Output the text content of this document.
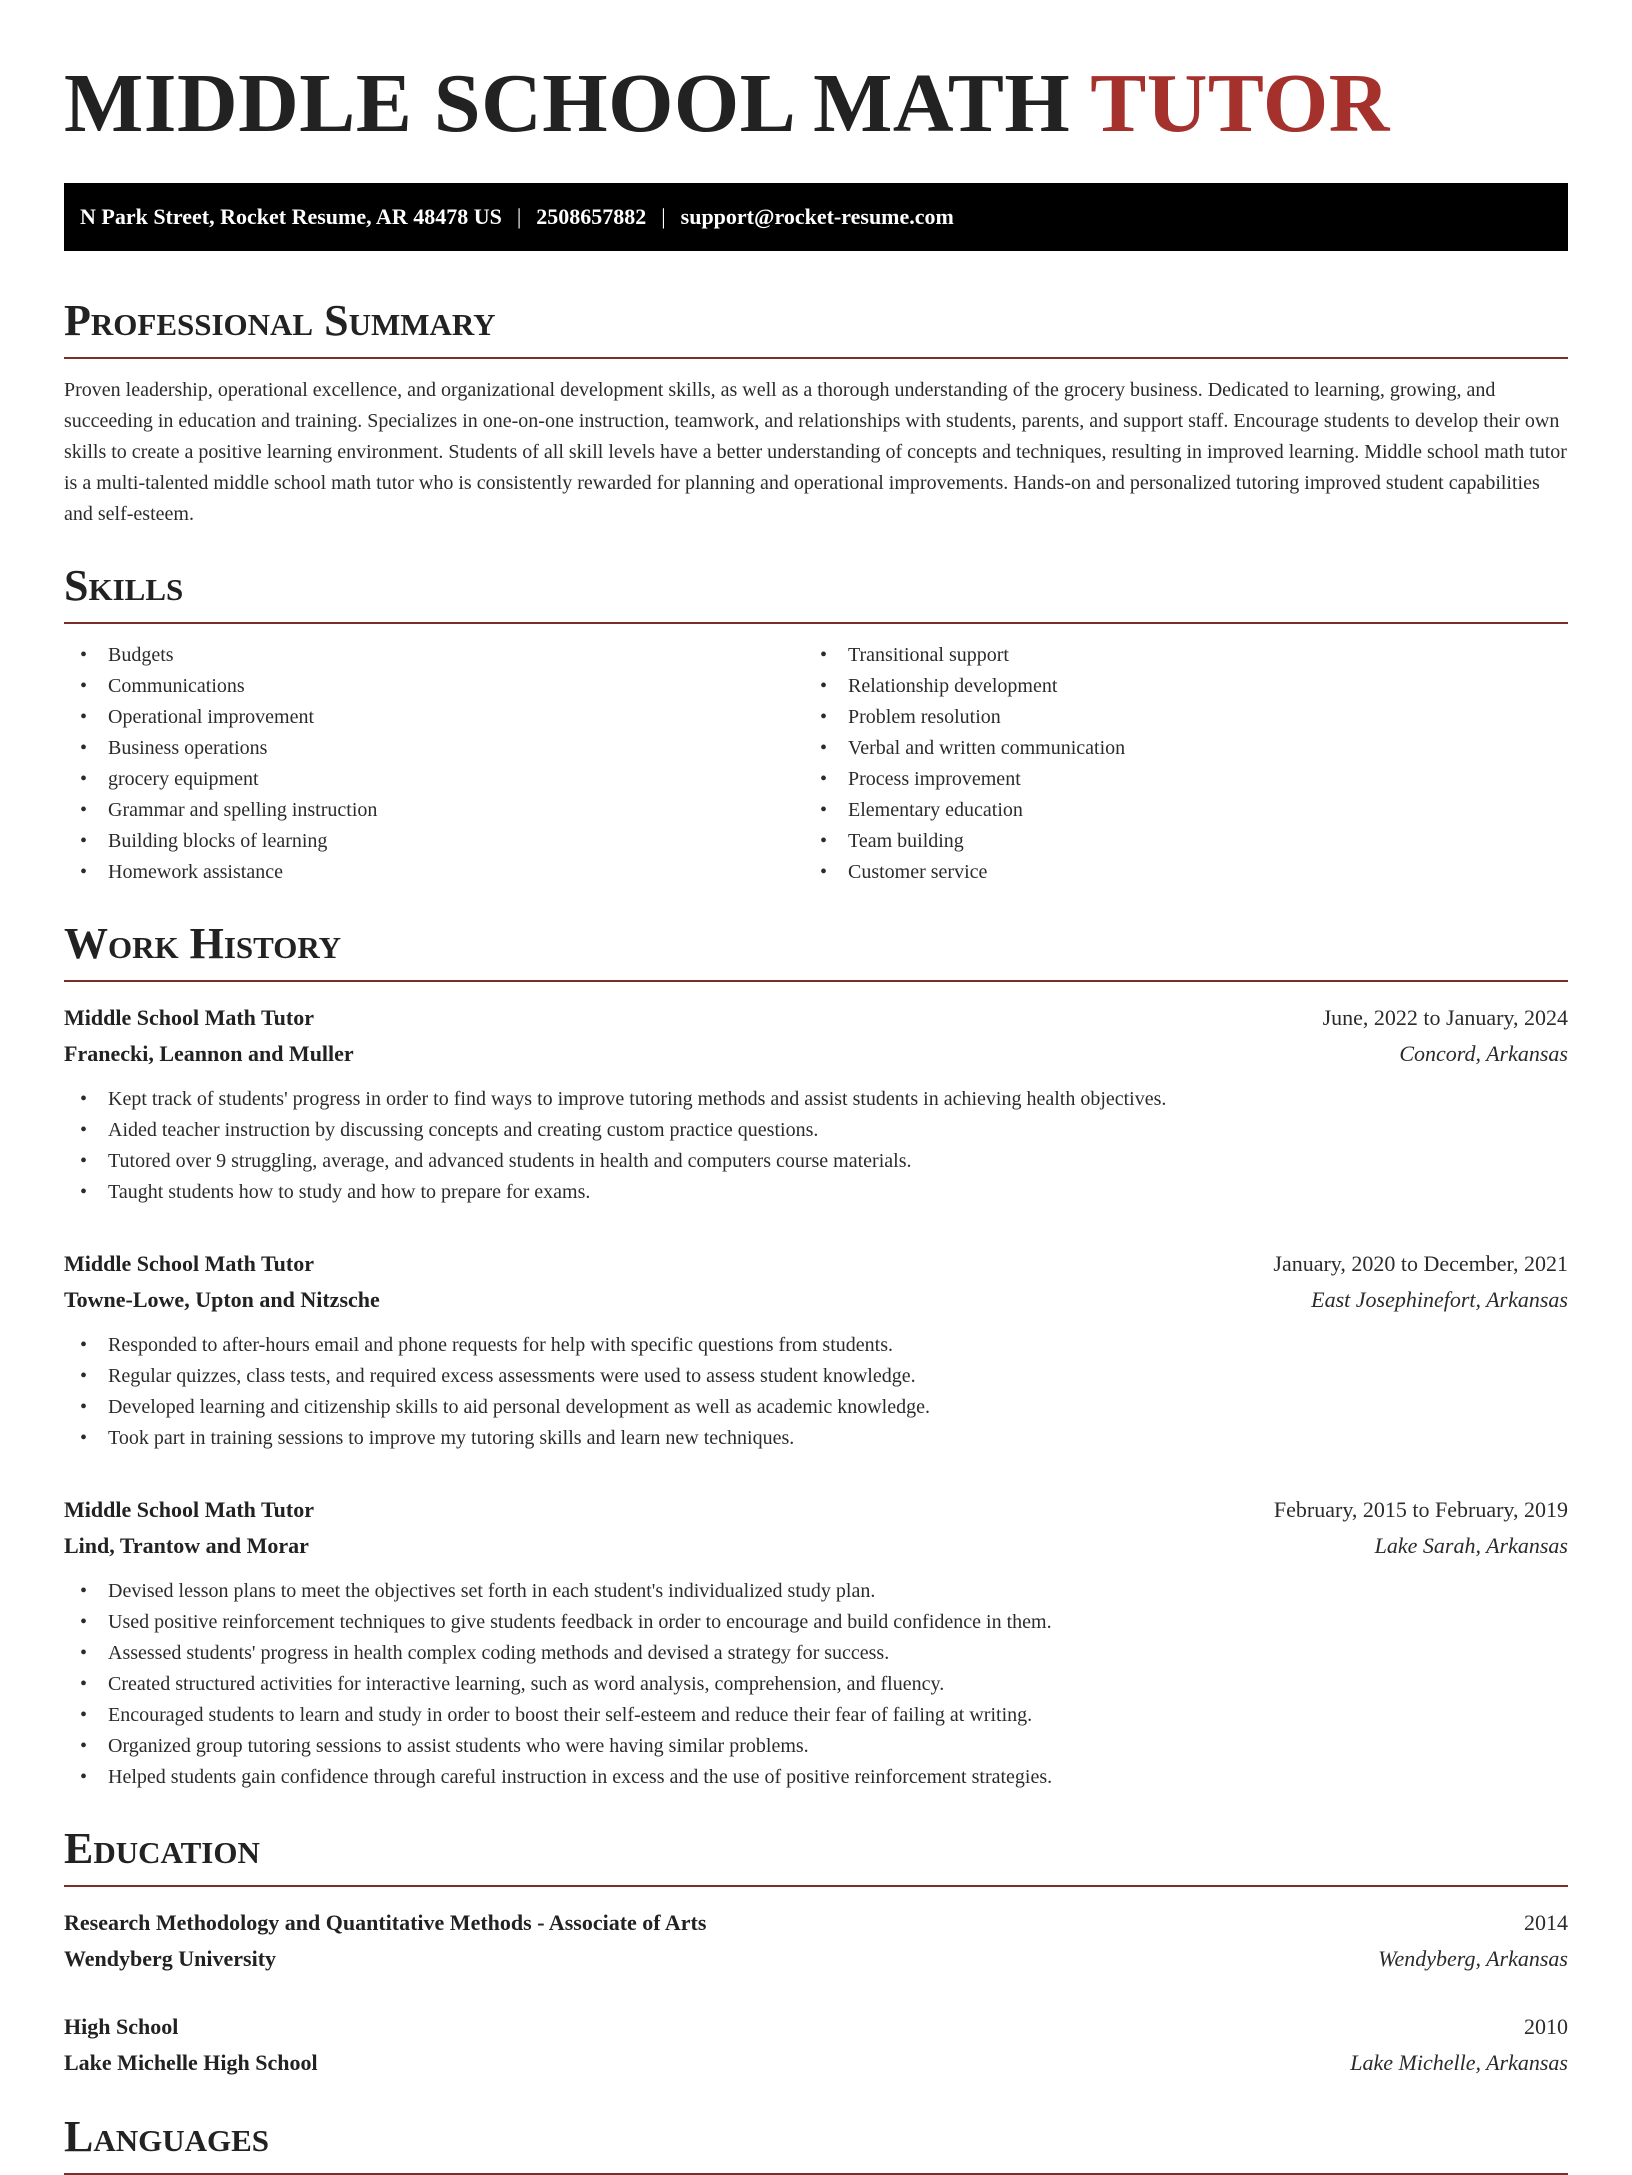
MIDDLE SCHOOL MATH TUTOR
N Park Street, Rocket Resume, AR 48478 US | 2508657882 | support@rocket-resume.com
Professional Summary

Proven leadership, operational excellence, and organizational development skills, as well as a thorough understanding of the grocery business. Dedicated to learning, growing, and succeeding in education and training. Specializes in one-on-one instruction, teamwork, and relationships with students, parents, and support staff. Encourage students to develop their own skills to create a positive learning environment. Students of all skill levels have a better understanding of concepts and techniques, resulting in improved learning. Middle school math tutor is a multi-talented middle school math tutor who is consistently rewarded for planning and operational improvements. Hands-on and personalized tutoring improved student capabilities and self-esteem.

Skills
• Budgets
• Communications
• Operational improvement
• Business operations
• grocery equipment
• Grammar and spelling instruction
• Building blocks of learning
• Homework assistance
• Transitional support
• Relationship development
• Problem resolution
• Verbal and written communication
• Process improvement
• Elementary education
• Team building
• Customer service
Work History
Middle School Math Tutor	June, 2022 to January, 2024
Franecki, Leannon and Muller	Concord, Arkansas
• Kept track of students' progress in order to find ways to improve tutoring methods and assist students in achieving health objectives.
• Aided teacher instruction by discussing concepts and creating custom practice questions.
• Tutored over 9 struggling, average, and advanced students in health and computers course materials.
• Taught students how to study and how to prepare for exams.
Middle School Math Tutor	January, 2020 to December, 2021
Towne-Lowe, Upton and Nitzsche	East Josephinefort, Arkansas
• Responded to after-hours email and phone requests for help with specific questions from students.
• Regular quizzes, class tests, and required excess assessments were used to assess student knowledge.
• Developed learning and citizenship skills to aid personal development as well as academic knowledge.
• Took part in training sessions to improve my tutoring skills and learn new techniques.
Middle School Math Tutor	February, 2015 to February, 2019
Lind, Trantow and Morar	Lake Sarah, Arkansas
• Devised lesson plans to meet the objectives set forth in each student's individualized study plan.
• Used positive reinforcement techniques to give students feedback in order to encourage and build confidence in them.
• Assessed students' progress in health complex coding methods and devised a strategy for success.
• Created structured activities for interactive learning, such as word analysis, comprehension, and fluency.
• Encouraged students to learn and study in order to boost their self-esteem and reduce their fear of failing at writing.
• Organized group tutoring sessions to assist students who were having similar problems.
• Helped students gain confidence through careful instruction in excess and the use of positive reinforcement strategies.
Education
Research Methodology and Quantitative Methods - Associate of Arts	2014
Wendyberg University	Wendyberg, Arkansas
High School	2010
Lake Michelle High School	Lake Michelle, Arkansas
Languages
